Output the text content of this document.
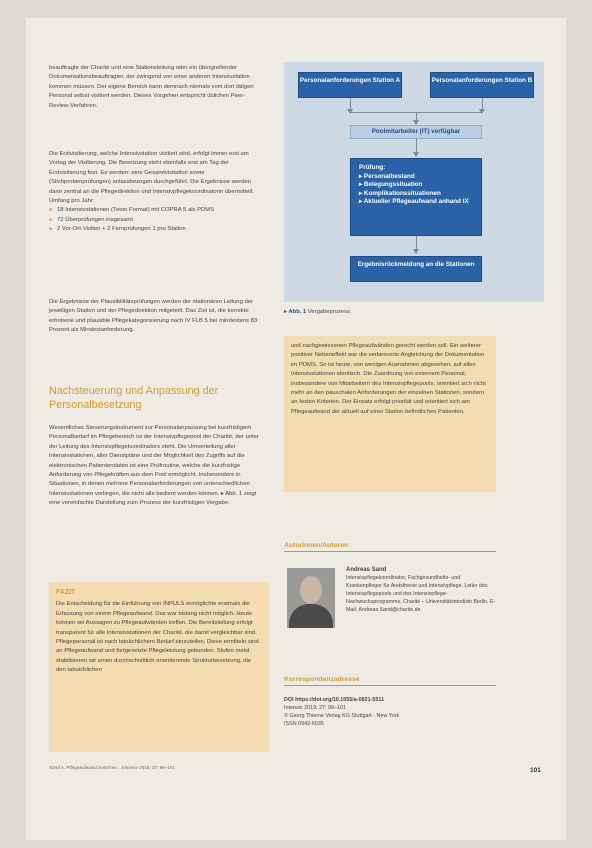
beauftragte der Charité und eine Stationsleitung oder ein übergreifender Dokumentationsbeauftragter, der zwingend von einer anderen Intensivstation kommen müssen. Der eigene Bereich kann demnach niemals vom dort tätigen Personal selbst visitiert werden. Dieses Vorgehen entspricht üblichen Peer-Review-Verfahren.

Die Erstvisitierung, welche Intensivstation visitiert wird, erfolgt immer erst am Vortag der Visitierung. Die Besetzung steht ebenfalls erst am Tag der Erstvisitierung fest. Es werden: eine Gesamtvisitation sowie (Stichprobenprüfungen) anlassbezogen durchgeführt. Die Ergebnisse werden dann zentral an die Pflegedirektion und Intensivpflegekoordinatorin übermittelt. Umfang pro Jahr:

■ 18 Intensivstationen (Teton Format) mit COPRA 5 als PDMS
■ 72 Überprüfungen insgesamt
■ 2 Vor-Ort-Visiten + 2 Fernprüfungen 1 pro Station

Die Ergebnisse der Plausibilitätsprüfungen werden der stationären Leitung der jeweiligen Station und der Pflegedirektion mitgeteilt. Das Ziel ist, die korrekte erhobene und plausible Pflegekategorisierung nach IV FLB 5 bei mindestens 83 Prozent als Mindestanforderung.

Nachsteuerung und Anpassung der Personalbesetzung

Wesentliches Steuerungsinstrument zur Personalanpassung bei kurzfristigem Personalbedarf im Pflegebereich ist der Intensivpflegepool der Charité, der unter der Leitung des Intensivpflegekoordinators steht. Die Umverteilung aller Intensivstationen, aller Dienstpläne und der Möglichkeit des Zugriffs auf die elektronischen Patientendaten ist eine Prüfroutine, welche die kurzfristige Anforderung von Pflegekräften aus dem Pool ermöglicht. Insbesondere in Situationen, in denen mehrere Personalanforderungen von unterschiedlichen Intensivstationen vorliegen, die nicht alle bedient werden können. ▸ Abb. 1 zeigt eine vereinfachte Darstellung zum Prozess der kurzfristigen Vergabe.

FAZIT
Die Entscheidung für die Einführung von INPULS ermöglichte erstmals die Erfassung von einem Pflegeaufwand. Das war bislang nicht möglich. Heute können wir Aussagen zu Pflegeaufwänden treffen. Die Bereitstellung erfolgt transparent für alle Intensivstationen der Charité, die damit vergleichbar sind. Pflegepersonal ist nach tatsächlichem Bedarf einzuteilen. Diese ermitteln sind an Pflegeaufwand und fortgesetzte Pflegeleistung gebunden. Stufen meist stabilisieren wir einen durchschnittlich orientierende Strukturbesetzung, die den tatsächlichen
Personalanforderungen Station A	Personalanforderungen Station B
Poolmitarbeiter (IT) verfügbar
Prüfung:
▸ Personalbestand
▸ Belegungssituation
▸ Komplikationssituationen
▸ Aktueller Pflegeaufwand anhand IX
Ergebnisrückmeldung an die Stationen
▸ Abb. 1 Vergabeprozess.
und nachgewiesenen Pflegeaufwänden gerecht werden soll. Ein weiterer positiver Nebeneffekt war die verbesserte Angleichung der Dokumentation im PDMS. So ist heute, von wenigen Ausnahmen abgesehen, auf allen Intensivstationen identisch. Die Zuordnung von externem Personal, insbesondere von Mitarbeitern des Intensivpflegepools, orientiert sich nicht mehr an den pauschalen Anforderungen der einzelnen Stationen, sondern an festen Kriterien. Der Einsatz erfolgt priorität und orientiert sich am Pflegeaufwand der aktuell auf einer Station befindlichen Patienten.
Autorinnen/Autoren
Andreas Sand
Intensivpflegekoordinator, Fachgesundheits- und Krankenpfleger für Anästhesie und Intensivpflege, Leiter des Intensivpflegepools und des Intensivpflege-Nachwuchsprogramms, Charité – Universitätsmedizin Berlin. E-Mail: Andreas.Sand@charite.de
Korrespondenzadresse
DOI https://doi.org/10.1055/a-0821-5511
Intensiv 2019; 27: 99–101
© Georg Thieme Verlag KG Stuttgart · New York
ISSN 0942-6035
Sand A. Pflegeaufwand zwischen ...Intensiv 2019; 27: 99–101	101
